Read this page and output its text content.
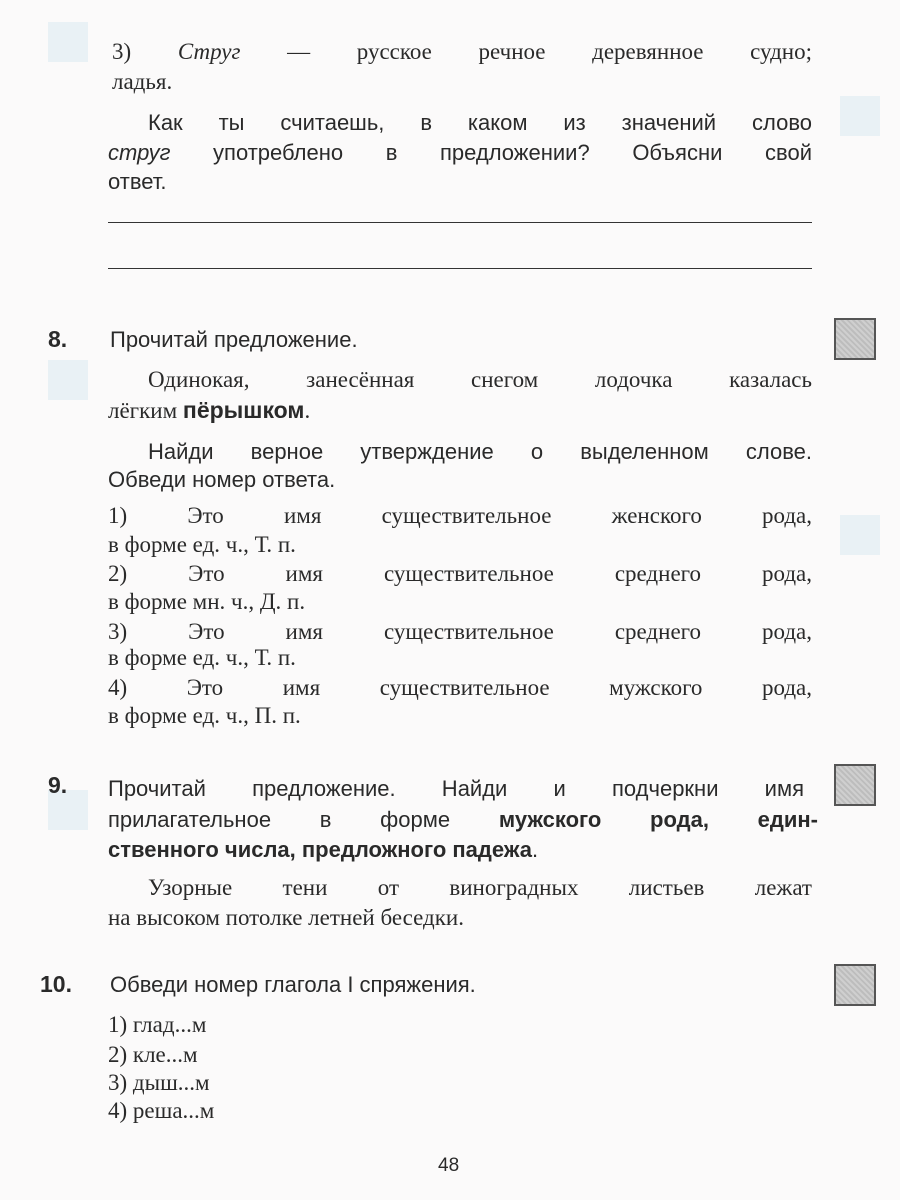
3) Струг — русское речное деревянное судно;
ладья.
Как ты считаешь, в каком из значений слово
струг употреблено в предложении? Объясни свой
ответ.
8. Прочитай предложение.
Одинокая, занесённая снегом лодочка казалась
лёгким пёрышком.
Найди верное утверждение о выделенном слове.
Обведи номер ответа.
1) Это имя существительное женского рода,
в форме ед. ч., Т. п.
2) Это имя существительное среднего рода,
в форме мн. ч., Д. п.
3) Это имя существительное среднего рода,
в форме ед. ч., Т. п.
4) Это имя существительное мужского рода,
в форме ед. ч., П. п.
9. Прочитай предложение. Найди и подчеркни имя
прилагательное в форме мужского рода, един-
ственного числа, предложного падежа.
Узорные тени от виноградных листьев лежат
на высоком потолке летней беседки.
10. Обведи номер глагола I спряжения.
1) глад...м
2) кле...м
3) дыш...м
4) реша...м
48
